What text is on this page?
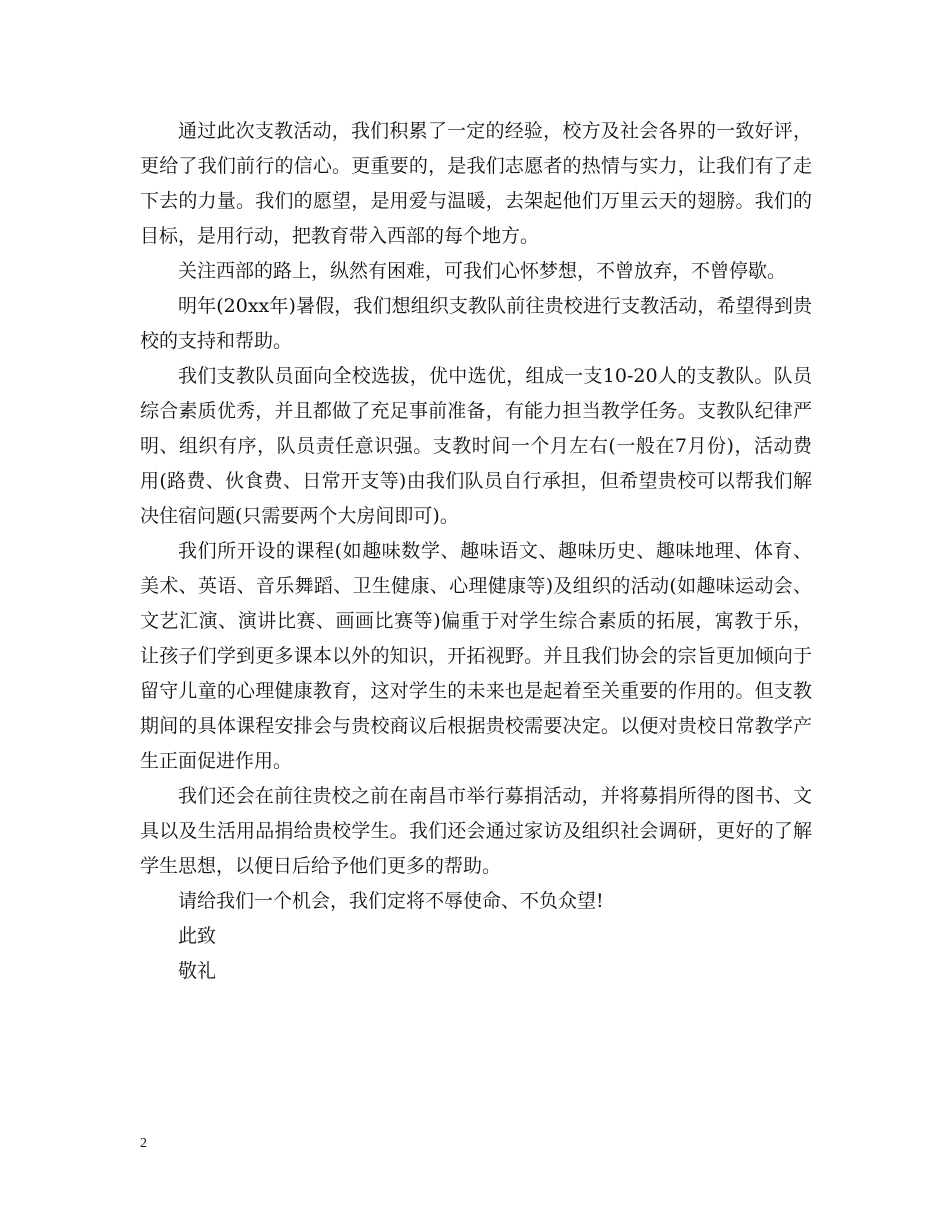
通过此次支教活动，我们积累了一定的经验，校方及社会各界的一致好评，更给了我们前行的信心。更重要的，是我们志愿者的热情与实力，让我们有了走下去的力量。我们的愿望，是用爱与温暖，去架起他们万里云天的翅膀。我们的目标，是用行动，把教育带入西部的每个地方。

关注西部的路上，纵然有困难，可我们心怀梦想，不曾放弃，不曾停歇。

明年(20xx年)暑假，我们想组织支教队前往贵校进行支教活动，希望得到贵校的支持和帮助。

我们支教队员面向全校选拔，优中选优，组成一支10-20人的支教队。队员综合素质优秀，并且都做了充足事前准备，有能力担当教学任务。支教队纪律严明、组织有序，队员责任意识强。支教时间一个月左右(一般在7月份)，活动费用(路费、伙食费、日常开支等)由我们队员自行承担，但希望贵校可以帮我们解决住宿问题(只需要两个大房间即可)。

我们所开设的课程(如趣味数学、趣味语文、趣味历史、趣味地理、体育、美术、英语、音乐舞蹈、卫生健康、心理健康等)及组织的活动(如趣味运动会、文艺汇演、演讲比赛、画画比赛等)偏重于对学生综合素质的拓展，寓教于乐，让孩子们学到更多课本以外的知识，开拓视野。并且我们协会的宗旨更加倾向于留守儿童的心理健康教育，这对学生的未来也是起着至关重要的作用的。但支教期间的具体课程安排会与贵校商议后根据贵校需要决定。以便对贵校日常教学产生正面促进作用。

我们还会在前往贵校之前在南昌市举行募捐活动，并将募捐所得的图书、文具以及生活用品捐给贵校学生。我们还会通过家访及组织社会调研，更好的了解学生思想，以便日后给予他们更多的帮助。

请给我们一个机会，我们定将不辱使命、不负众望!

此致

敬礼

2
